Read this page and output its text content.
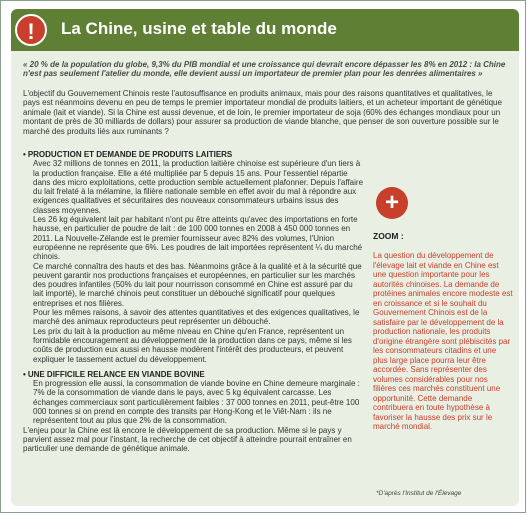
!	La Chine, usine et table du monde
« 20 % de la population du globe, 9,3% du PIB mondial et une croissance qui devrait encore dépasser les 8% en 2012 : la Chine n'est pas seulement l'atelier du monde, elle devient aussi un importateur de premier plan pour les denrées alimentaires »
L'objectif du Gouvernement Chinois reste l'autosuffisance en produits animaux, mais pour des raisons quantitatives et qualitatives, le pays est néanmoins devenu en peu de temps le premier importateur mondial de produits laitiers, et un acheteur important de génétique animale (lait et viande). Si la Chine est aussi devenue, et de loin, le premier importateur de soja (60% des échanges mondiaux pour un montant de près de 30 milliards de dollars) pour assurer sa production de viande blanche, que penser de son ouverture possible sur le marché des produits liés aux ruminants ?

• PRODUCTION ET DEMANDE DE PRODUITS LAITIERS

Avec 32 millions de tonnes en 2011, la production laitière chinoise est supérieure d'un tiers à la production française. Elle a été multipliée par 5 depuis 15 ans. Pour l'essentiel répartie dans des micro exploitations, cette production semble actuellement plafonner. Depuis l'affaire du lait frelaté à la mélamine, la filière nationale semble en effet avoir du mal à répondre aux exigences qualitatives et sécuritaires des nouveaux consommateurs urbains issus des classes moyennes.

Les 26 kg équivalent lait par habitant n'ont pu être atteints qu'avec des importations en forte hausse, en particulier de poudre de lait : de 100 000 tonnes en 2008 à 450 000 tonnes en 2011. La Nouvelle-Zélande est le premier fournisseur avec 82% des volumes, l'Union européenne ne représente que 6%. Les poudres de lait importées représentent ¼ du marché chinois.

Ce marché connaîtra des hauts et des bas. Néanmoins grâce à la qualité et à la sécurité que peuvent garantir nos productions françaises et européennes, en particulier sur les marchés des poudres infantiles (50% du lait pour nourrisson consommé en Chine est assuré par du lait importé), le marché chinois peut constituer un débouché significatif pour quelques entreprises et nos filières.

Pour les mêmes raisons, à savoir des attentes quantitatives et des exigences qualitatives, le marché des animaux reproducteurs peut représenter un débouché.

Les prix du lait à la production au même niveau en Chine qu'en France, représentent un formidable encouragement au développement de la production dans ce pays, même si les coûts de production eux aussi en hausse modèrent l'intérêt des producteurs, et peuvent expliquer le tassement actuel du développement.

• UNE DIFFICILE RELANCE EN VIANDE BOVINE

En progression elle aussi, la consommation de viande bovine en Chine demeure marginale : 7% de la consommation de viande dans le pays, avec 5 kg équivalent carcasse. Les échanges commerciaux sont particulièrement faibles : 37 000 tonnes en 2011, peut-être 100 000 tonnes si on prend en compte des transits par Hong-Kong et le Viêt-Nam : ils ne représentent tout au plus que 2% de la consommation.

L'enjeu pour la Chine est là encore le développement de sa production. Même si le pays y parvient assez mal pour l'instant, la recherche de cet objectif à atteindre pourrait entraîner en particulier une demande de génétique animale.

+
ZOOM :
La question du développement de l'élevage lait et viande en Chine est une question importante pour les autorités chinoises. La demande de protéines animales encore modeste est en croissance et si le souhait du Gouvernement Chinois est de la satisfaire par le développement de la production nationale, les produits d'origine étrangère sont plébiscités par les consommateurs citadins et une plus large place pourra leur être accordée. Sans représenter des volumes considérables pour nos filières ces marchés constituent une opportunité. Cette demande contribuera en toute hypothèse à favoriser la hausse des prix sur le marché mondial.
*D'après l'Institut de l'Élevage
